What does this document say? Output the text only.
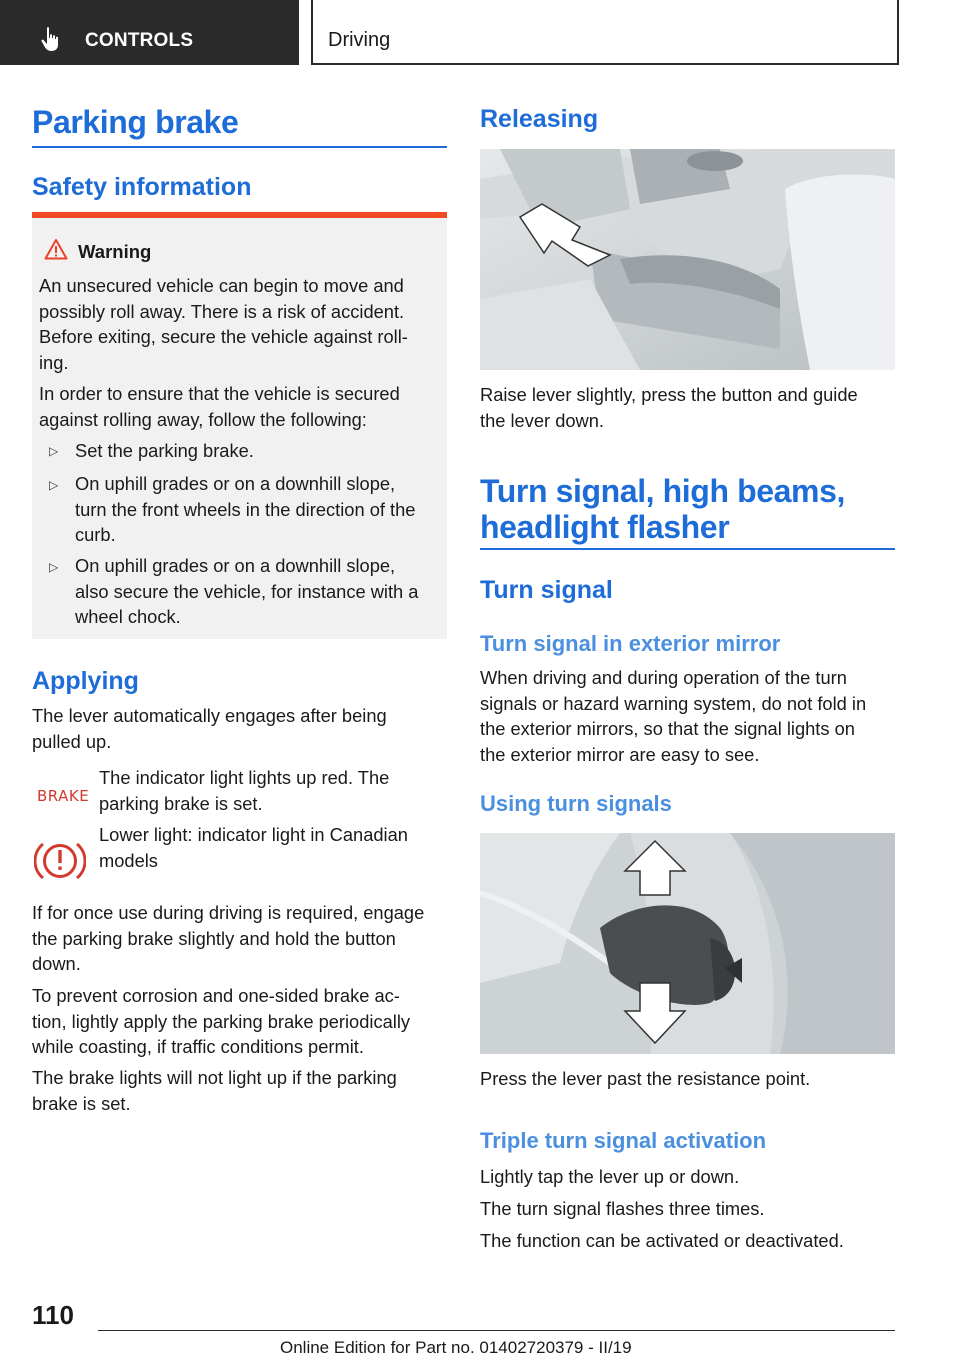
CONTROLS	Driving
Parking brake
Safety information
Warning
An unsecured vehicle can begin to move and
possibly roll away. There is a risk of accident.
Before exiting, secure the vehicle against roll‐
ing.
In order to ensure that the vehicle is secured
against rolling away, follow the following:
▷ Set the parking brake.
▷ On uphill grades or on a downhill slope,
turn the front wheels in the direction of the
curb.
▷ On uphill grades or on a downhill slope,
also secure the vehicle, for instance with a
wheel chock.
Applying
The lever automatically engages after being
pulled up.
BRAKE
The indicator light lights up red. The
parking brake is set.
Lower light: indicator light in Canadian
models
If for once use during driving is required, engage
the parking brake slightly and hold the button
down.
To prevent corrosion and one-sided brake ac‐
tion, lightly apply the parking brake periodically
while coasting, if traffic conditions permit.
The brake lights will not light up if the parking
brake is set.
Releasing
Raise lever slightly, press the button and guide
the lever down.
Turn signal, high beams,
headlight flasher
Turn signal
Turn signal in exterior mirror
When driving and during operation of the turn
signals or hazard warning system, do not fold in
the exterior mirrors, so that the signal lights on
the exterior mirror are easy to see.
Using turn signals
Press the lever past the resistance point.
Triple turn signal activation
Lightly tap the lever up or down.
The turn signal flashes three times.
The function can be activated or deactivated.
110
Online Edition for Part no. 01402720379 - II/19
